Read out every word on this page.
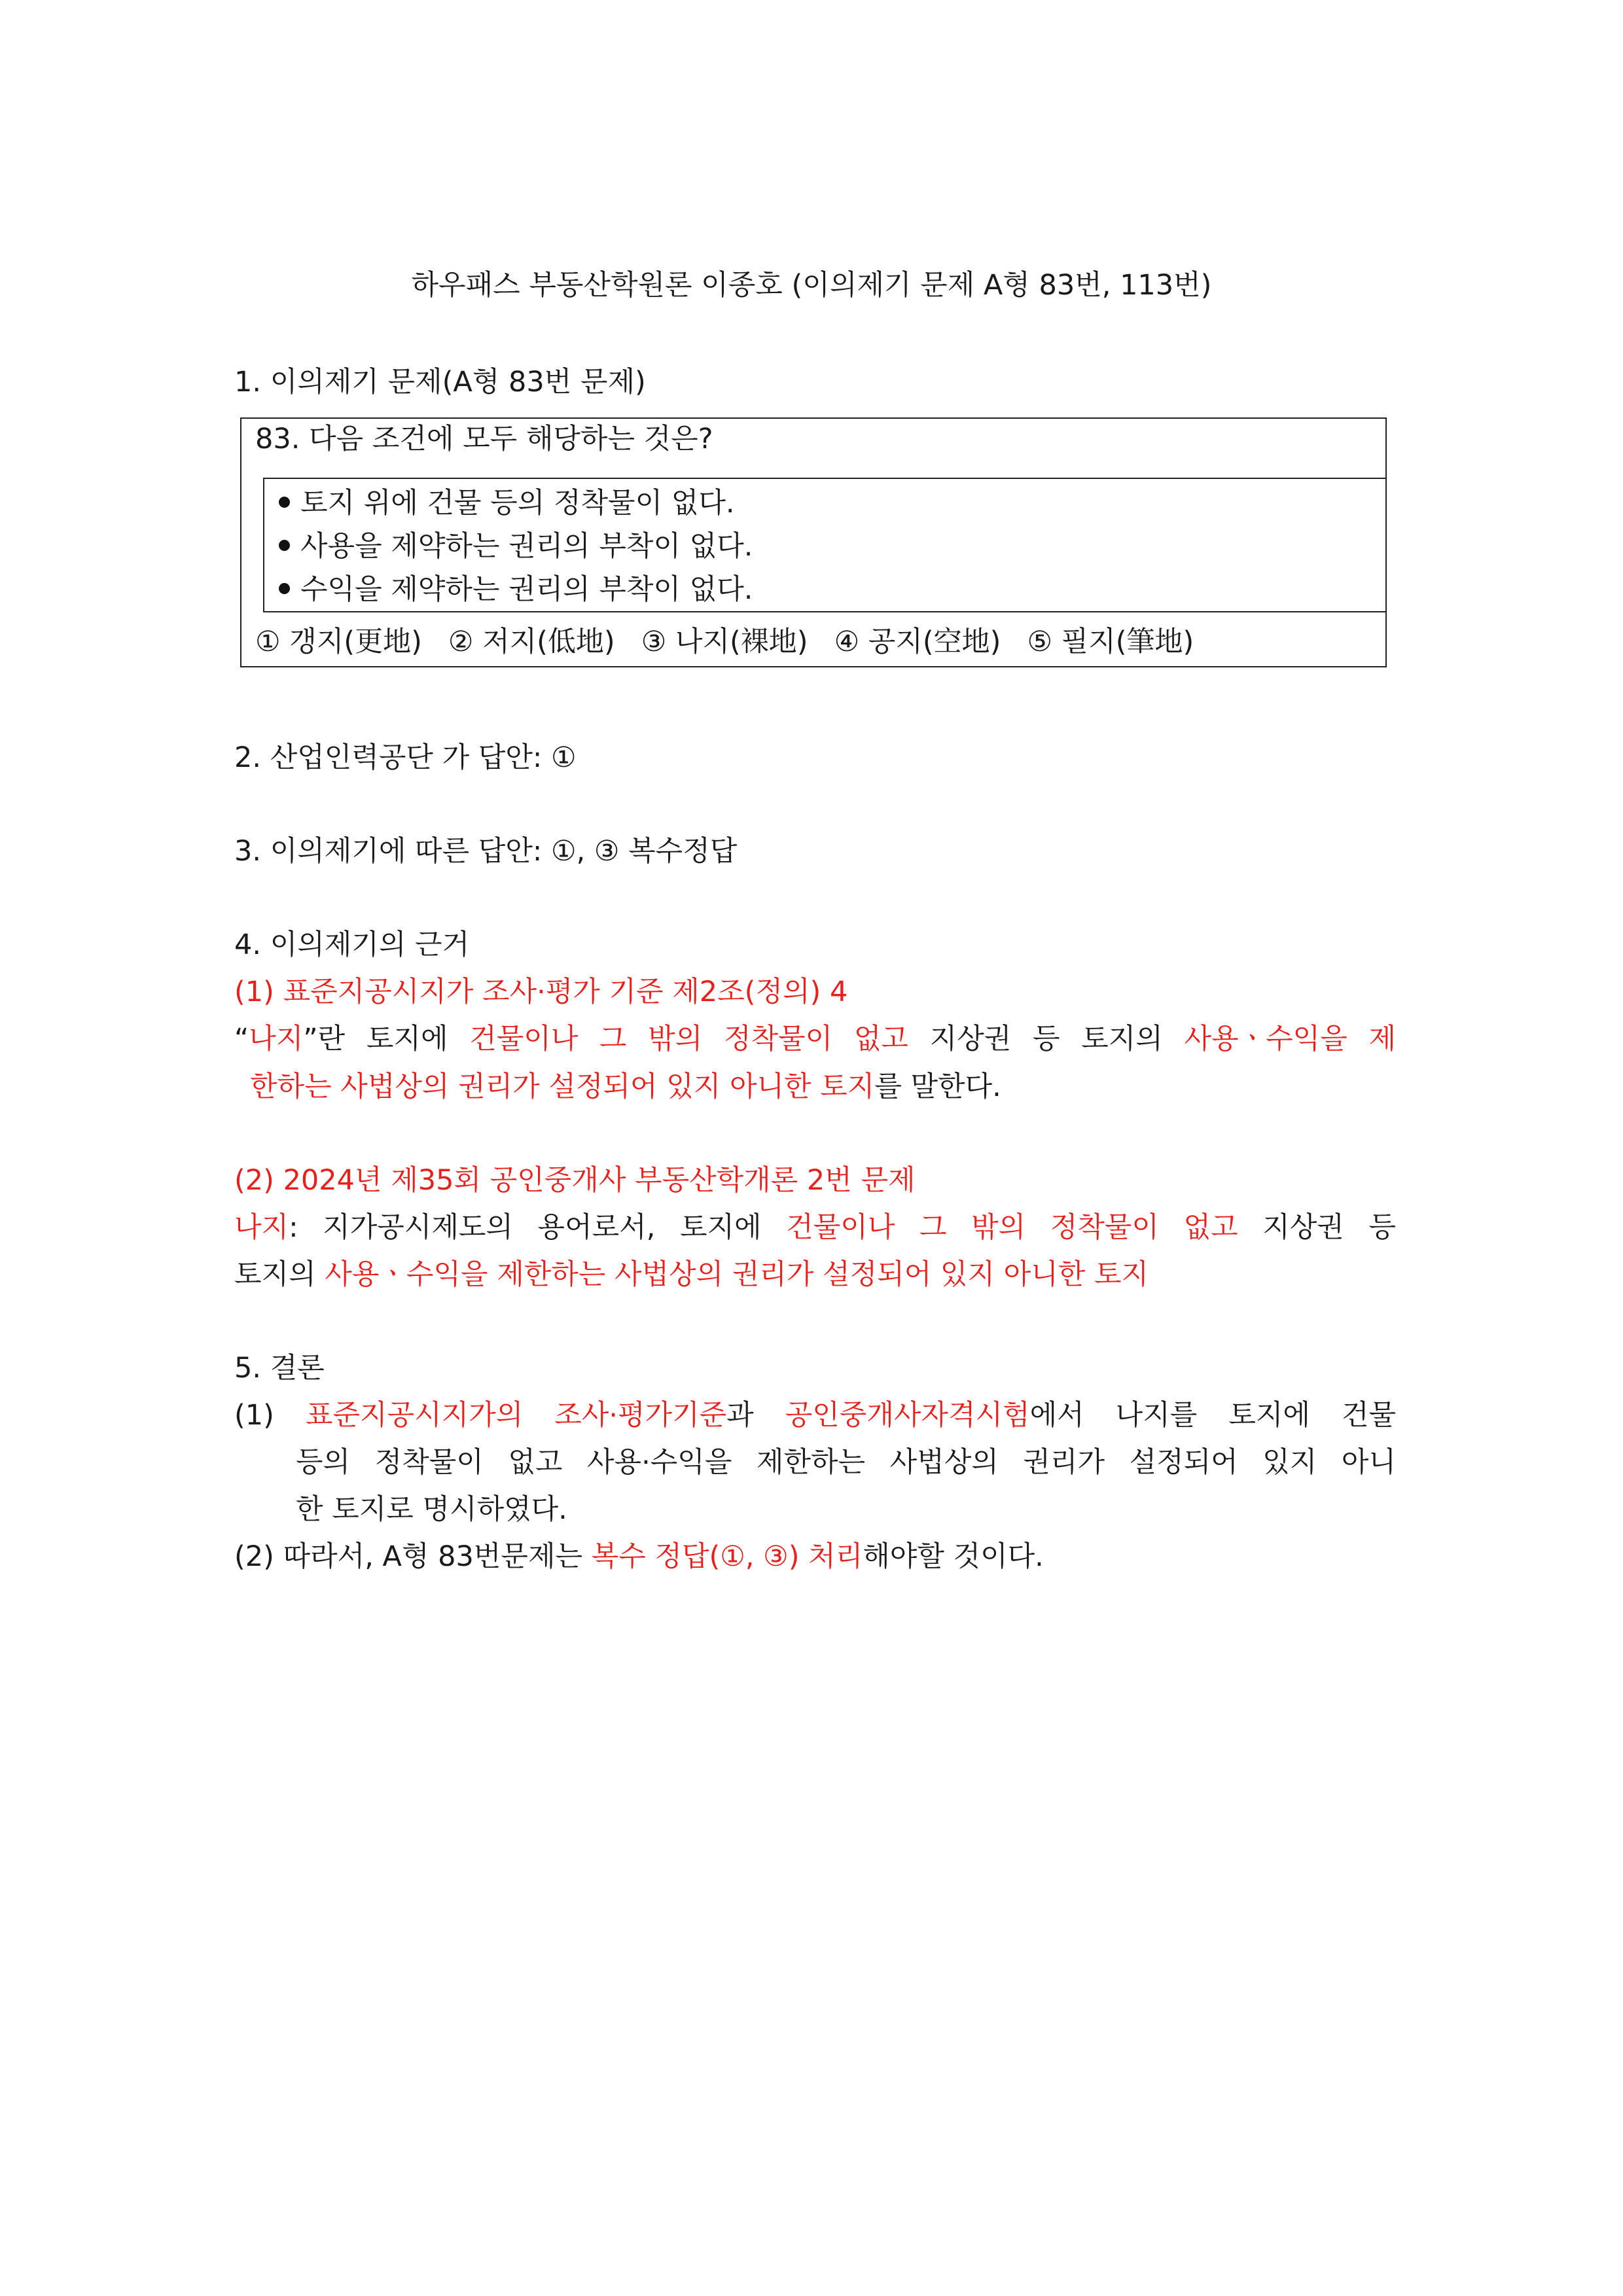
하우패스 부동산학원론 이종호 (이의제기 문제 A형 83번, 113번)
1. 이의제기 문제(A형 83번 문제)
83. 다음 조건에 모두 해당하는 것은?
토지 위에 건물 등의 정착물이 없다.
사용을 제약하는 권리의 부착이 없다.
수익을 제약하는 권리의 부착이 없다.
① 갱지(更地) ② 저지(低地) ③ 나지(裸地) ④ 공지(空地) ⑤ 필지(筆地)
2. 산업인력공단 가 답안: ①
3. 이의제기에 따른 답안: ①, ③ 복수정답
4. 이의제기의 근거
(1) 표준지공시지가 조사·평가 기준 제2조(정의) 4
“나지”란 토지에 건물이나 그 밖의 정착물이 없고 지상권 등 토지의 사용ㆍ수익을 제
한하는 사법상의 권리가 설정되어 있지 아니한 토지를 말한다.
(2) 2024년 제35회 공인중개사 부동산학개론 2번 문제
나지: 지가공시제도의 용어로서, 토지에 건물이나 그 밖의 정착물이 없고 지상권 등
토지의 사용ㆍ수익을 제한하는 사법상의 권리가 설정되어 있지 아니한 토지
5. 결론
(1) 표준지공시지가의 조사·평가기준과 공인중개사자격시험에서 나지를 토지에 건물
등의 정착물이 없고 사용·수익을 제한하는 사법상의 권리가 설정되어 있지 아니
한 토지로 명시하였다.
(2) 따라서, A형 83번문제는 복수 정답(①, ③) 처리해야할 것이다.
